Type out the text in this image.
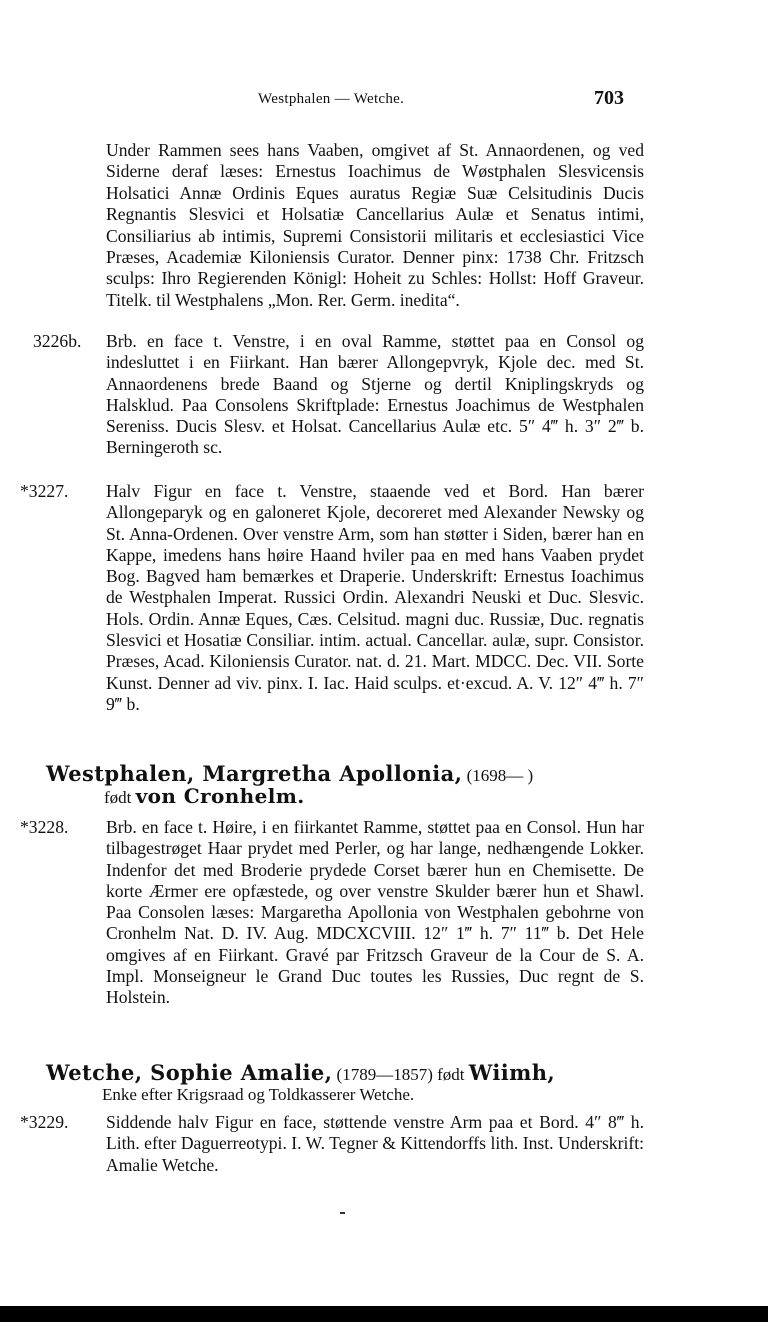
Westphalen — Wetche.	703
Under Rammen sees hans Vaaben, omgivet af St. Annaordenen, og ved Siderne deraf læses: Ernestus Ioachimus de Wøstphalen Slesvicensis Holsatici Annæ Ordinis Eques auratus Regiæ Suæ Celsitudinis Ducis Regnantis Slesvici et Holsatiæ Cancellarius Aulæ et Senatus intimi, Consiliarius ab intimis, Supremi Consistorii militaris et ecclesiastici Vice Præses, Academiæ Kiloniensis Curator. Denner pinx: 1738 Chr. Fritzsch sculps: Ihro Regierenden Königl: Hoheit zu Schles: Hollst: Hoff Graveur. Titelk. til Westphalens „Mon. Rer. Germ. inedita“.
3226b. Brb. en face t. Venstre, i en oval Ramme, støttet paa en Consol og indesluttet i en Fiirkant. Han bærer Allongepvryk, Kjole dec. med St. Annaordenens brede Baand og Stjerne og dertil Kniplingskryds og Halsklud. Paa Consolens Skriftplade: Ernestus Joachimus de Westphalen Sereniss. Ducis Slesv. et Holsat. Cancellarius Aulæ etc. 5″ 4‴ h. 3″ 2‴ b. Berningeroth sc.
*3227. Halv Figur en face t. Venstre, staaende ved et Bord. Han bærer Allongeparyk og en galoneret Kjole, decoreret med Alexander Newsky og St. Anna-Ordenen. Over venstre Arm, som han støtter i Siden, bærer han en Kappe, imedens hans høire Haand hviler paa en med hans Vaaben prydet Bog. Bagved ham bemærkes et Draperie. Underskrift: Ernestus Ioachimus de Westphalen Imperat. Russici Ordin. Alexandri Neuski et Duc. Slesvic. Hols. Ordin. Annæ Eques, Cæs. Celsitud. magni duc. Russiæ, Duc. regnatis Slesvici et Hosatiæ Consiliar. intim. actual. Cancellar. aulæ, supr. Consistor. Præses, Acad. Kiloniensis Curator. nat. d. 21. Mart. MDCC. Dec. VII. Sorte Kunst. Denner ad viv. pinx. I. Iac. Haid sculps. et·excud. A. V. 12″ 4‴ h. 7″ 9‴ b.
Westphalen, Margretha Apollonia, (1698— )
født von Cronhelm.
*3228. Brb. en face t. Høire, i en fiirkantet Ramme, støttet paa en Consol. Hun har tilbagestrøget Haar prydet med Perler, og har lange, nedhængende Lokker. Indenfor det med Broderie prydede Corset bærer hun en Chemisette. De korte Ærmer ere opfæstede, og over venstre Skulder bærer hun et Shawl. Paa Consolen læses: Margaretha Apollonia von Westphalen gebohrne von Cronhelm Nat. D. IV. Aug. MDCXCVIII. 12″ 1‴ h. 7″ 11‴ b. Det Hele omgives af en Fiirkant. Gravé par Fritzsch Graveur de la Cour de S. A. Impl. Monseigneur le Grand Duc toutes les Russies, Duc regnt de S. Holstein.
Wetche, Sophie Amalie, (1789—1857) født Wiimh,
Enke efter Krigsraad og Toldkasserer Wetche.
*3229. Siddende halv Figur en face, støttende venstre Arm paa et Bord. 4″ 8‴ h. Lith. efter Daguerreotypi. I. W. Tegner & Kittendorffs lith. Inst. Underskrift: Amalie Wetche.
